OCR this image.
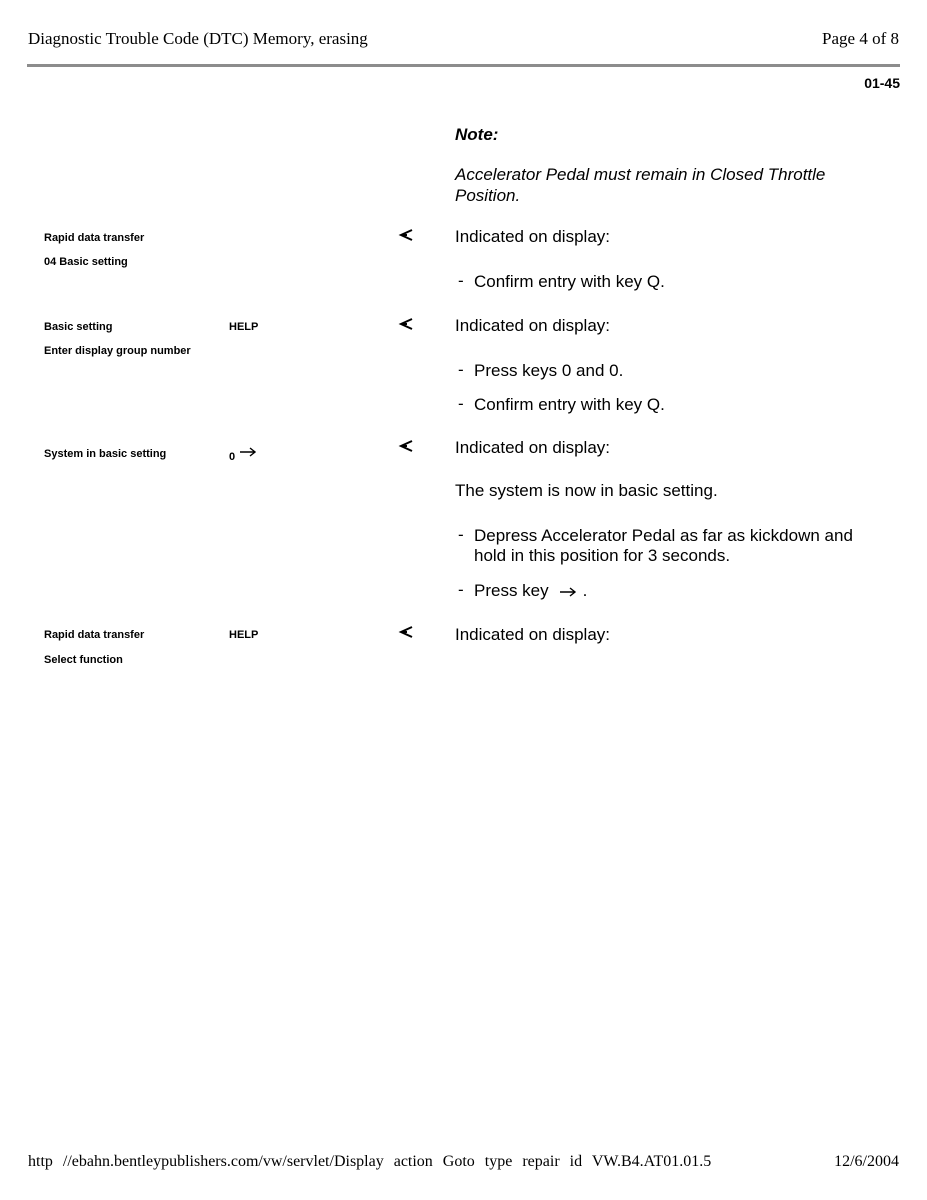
Diagnostic Trouble Code (DTC) Memory, erasing	Page 4 of 8
01-45
Note:
Accelerator Pedal must remain in Closed Throttle
Position.
Rapid data transfer
04 Basic setting
Indicated on display:
- Confirm entry with key Q.
Basic setting	HELP
Enter display group number
Indicated on display:
- Press keys 0 and 0.
- Confirm entry with key Q.
System in basic setting	0	Indicated on display:
The system is now in basic setting.
- Depress Accelerator Pedal as far as kickdown and
hold in this position for 3 seconds.
- Press key .
Rapid data transfer	HELP
Select function
Indicated on display:
http //ebahn.bentleypublishers.com/vw/servlet/Display action Goto type repair id VW.B4.AT01.01.5	12/6/2004
